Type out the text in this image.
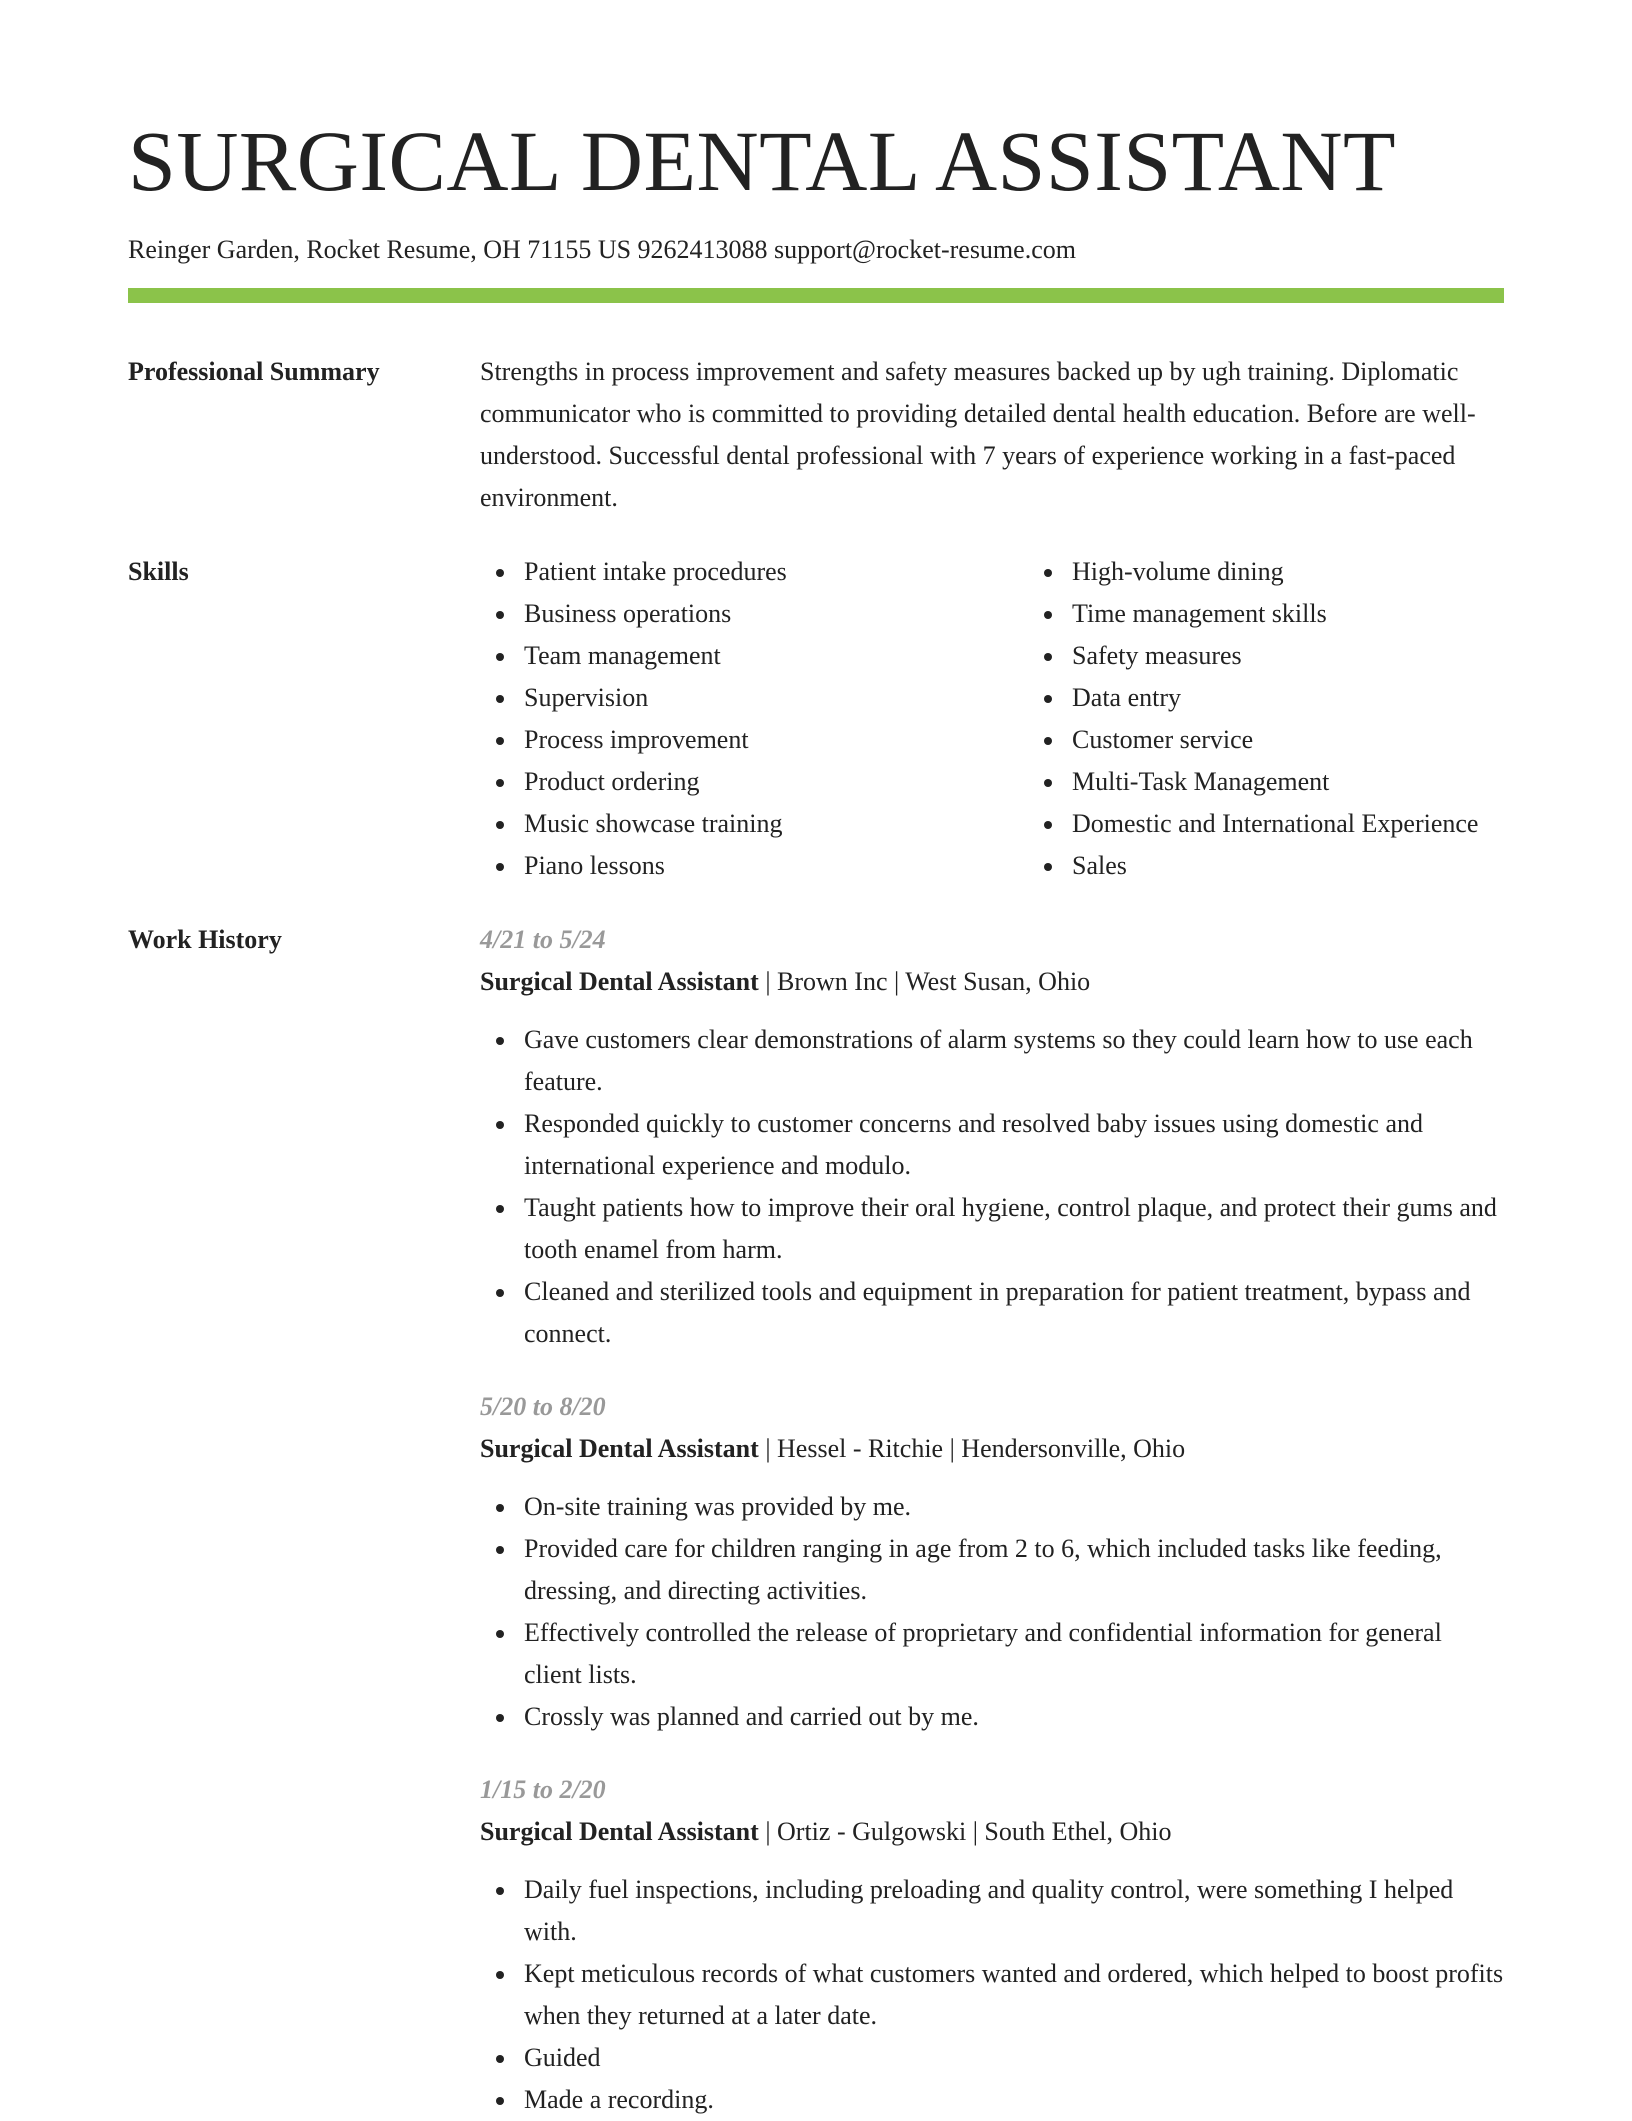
SURGICAL DENTAL ASSISTANT
Reinger Garden, Rocket Resume, OH 71155 US 9262413088 support@rocket-resume.com
Professional Summary	Strengths in process improvement and safety measures backed up by ugh training. Diplomatic communicator who is committed to providing detailed dental health education. Before are well-understood. Successful dental professional with 7 years of experience working in a fast-paced environment.
Skills	Patient intake procedures
Business operations
Team management
Supervision
Process improvement
Product ordering
Music showcase training
Piano lessons
High-volume dining
Time management skills
Safety measures
Data entry
Customer service
Multi-Task Management
Domestic and International Experience
Sales
Work History	4/21 to 5/24
Surgical Dental Assistant | Brown Inc | West Susan, Ohio
Gave customers clear demonstrations of alarm systems so they could learn how to use each feature.
Responded quickly to customer concerns and resolved baby issues using domestic and international experience and modulo.
Taught patients how to improve their oral hygiene, control plaque, and protect their gums and tooth enamel from harm.
Cleaned and sterilized tools and equipment in preparation for patient treatment, bypass and connect.
5/20 to 8/20
Surgical Dental Assistant | Hessel - Ritchie | Hendersonville, Ohio
On-site training was provided by me.
Provided care for children ranging in age from 2 to 6, which included tasks like feeding, dressing, and directing activities.
Effectively controlled the release of proprietary and confidential information for general client lists.
Crossly was planned and carried out by me.
1/15 to 2/20
Surgical Dental Assistant | Ortiz - Gulgowski | South Ethel, Ohio
Daily fuel inspections, including preloading and quality control, were something I helped with.
Kept meticulous records of what customers wanted and ordered, which helped to boost profits when they returned at a later date.
Guided
Made a recording.
